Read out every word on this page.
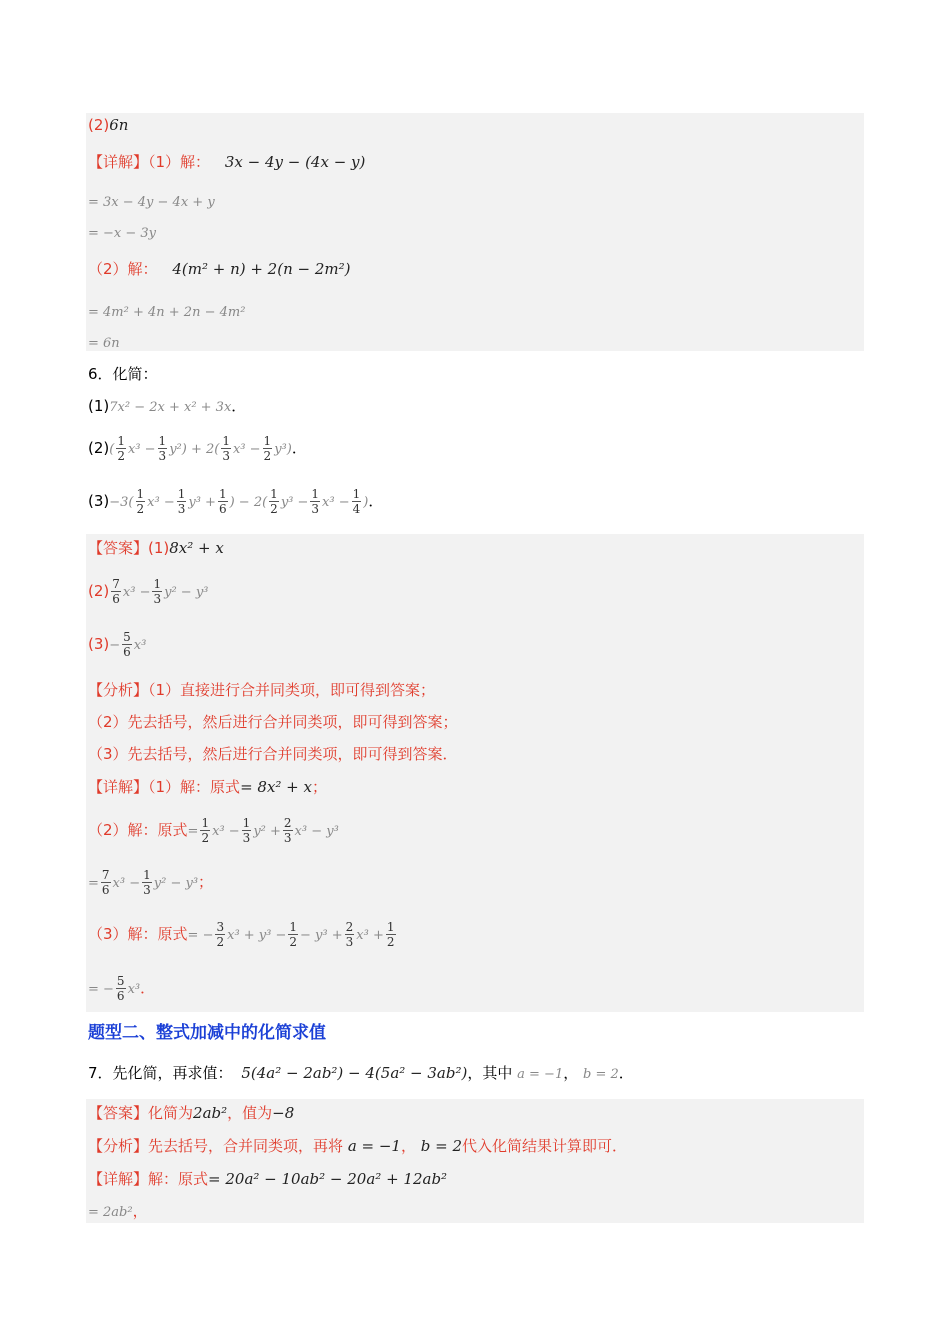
(2)6n
【详解】（1）解： 3x − 4y − (4x − y)
= 3x − 4y − 4x + y
= −x − 3y
（2）解： 4(m² + n) + 2(n − 2m²)
= 4m² + 4n + 2n − 4m²
= 6n
6．化简：
(1)7x² − 2x + x² + 3x．
$(2)( \frac{1}{2} x^3 - \frac{1}{3} y^2) + 2( \frac{1}{3} x^3 - \frac{1}{2} y^3)$．
$(3)-3( \frac{1}{2} x^3 - \frac{1}{3} y^3 + \frac{1}{6}$ ) − $2( \frac{1}{2} y^3 - \frac{1}{3} x^3 - \frac{1}{4}$ )．
【答案】(1)8x² + x
$(2) \frac{7}{6} x^3 - \frac{1}{3} y^2 - y^3$
$(3)- \frac{5}{6} x^3$
【分析】（1）直接进行合并同类项，即可得到答案；
（2）先去括号，然后进行合并同类项，即可得到答案；
（3）先去括号，然后进行合并同类项，即可得到答案．
【详解】（1）解：原式= 8x² + x；
（2）解：原式= $\frac{1}{2} x^3 - \frac{1}{3} y^2 + \frac{2}{3} x^3 - y^3$
= $\frac{7}{6} x^3 - \frac{1}{3} y^2 - y^3$；
（3）解：原式= − $\frac{3}{2} x^3 + y^3 - \frac{1}{2} - y^3 + \frac{2}{3} x^3 + \frac{1}{2}$
= − $\frac{5}{6} x^3$．
题型二、整式加减中的化简求值
7．先化简，再求值： 5(4a² − 2ab²) − 4(5a² − 3ab²)，其中 a = −1， b = 2．
【答案】化简为2ab²，值为−8
【分析】先去括号，合并同类项，再将 a = −1， b = 2代入化简结果计算即可．
【详解】解：原式= 20a² − 10ab² − 20a² + 12ab²
= 2ab²，
